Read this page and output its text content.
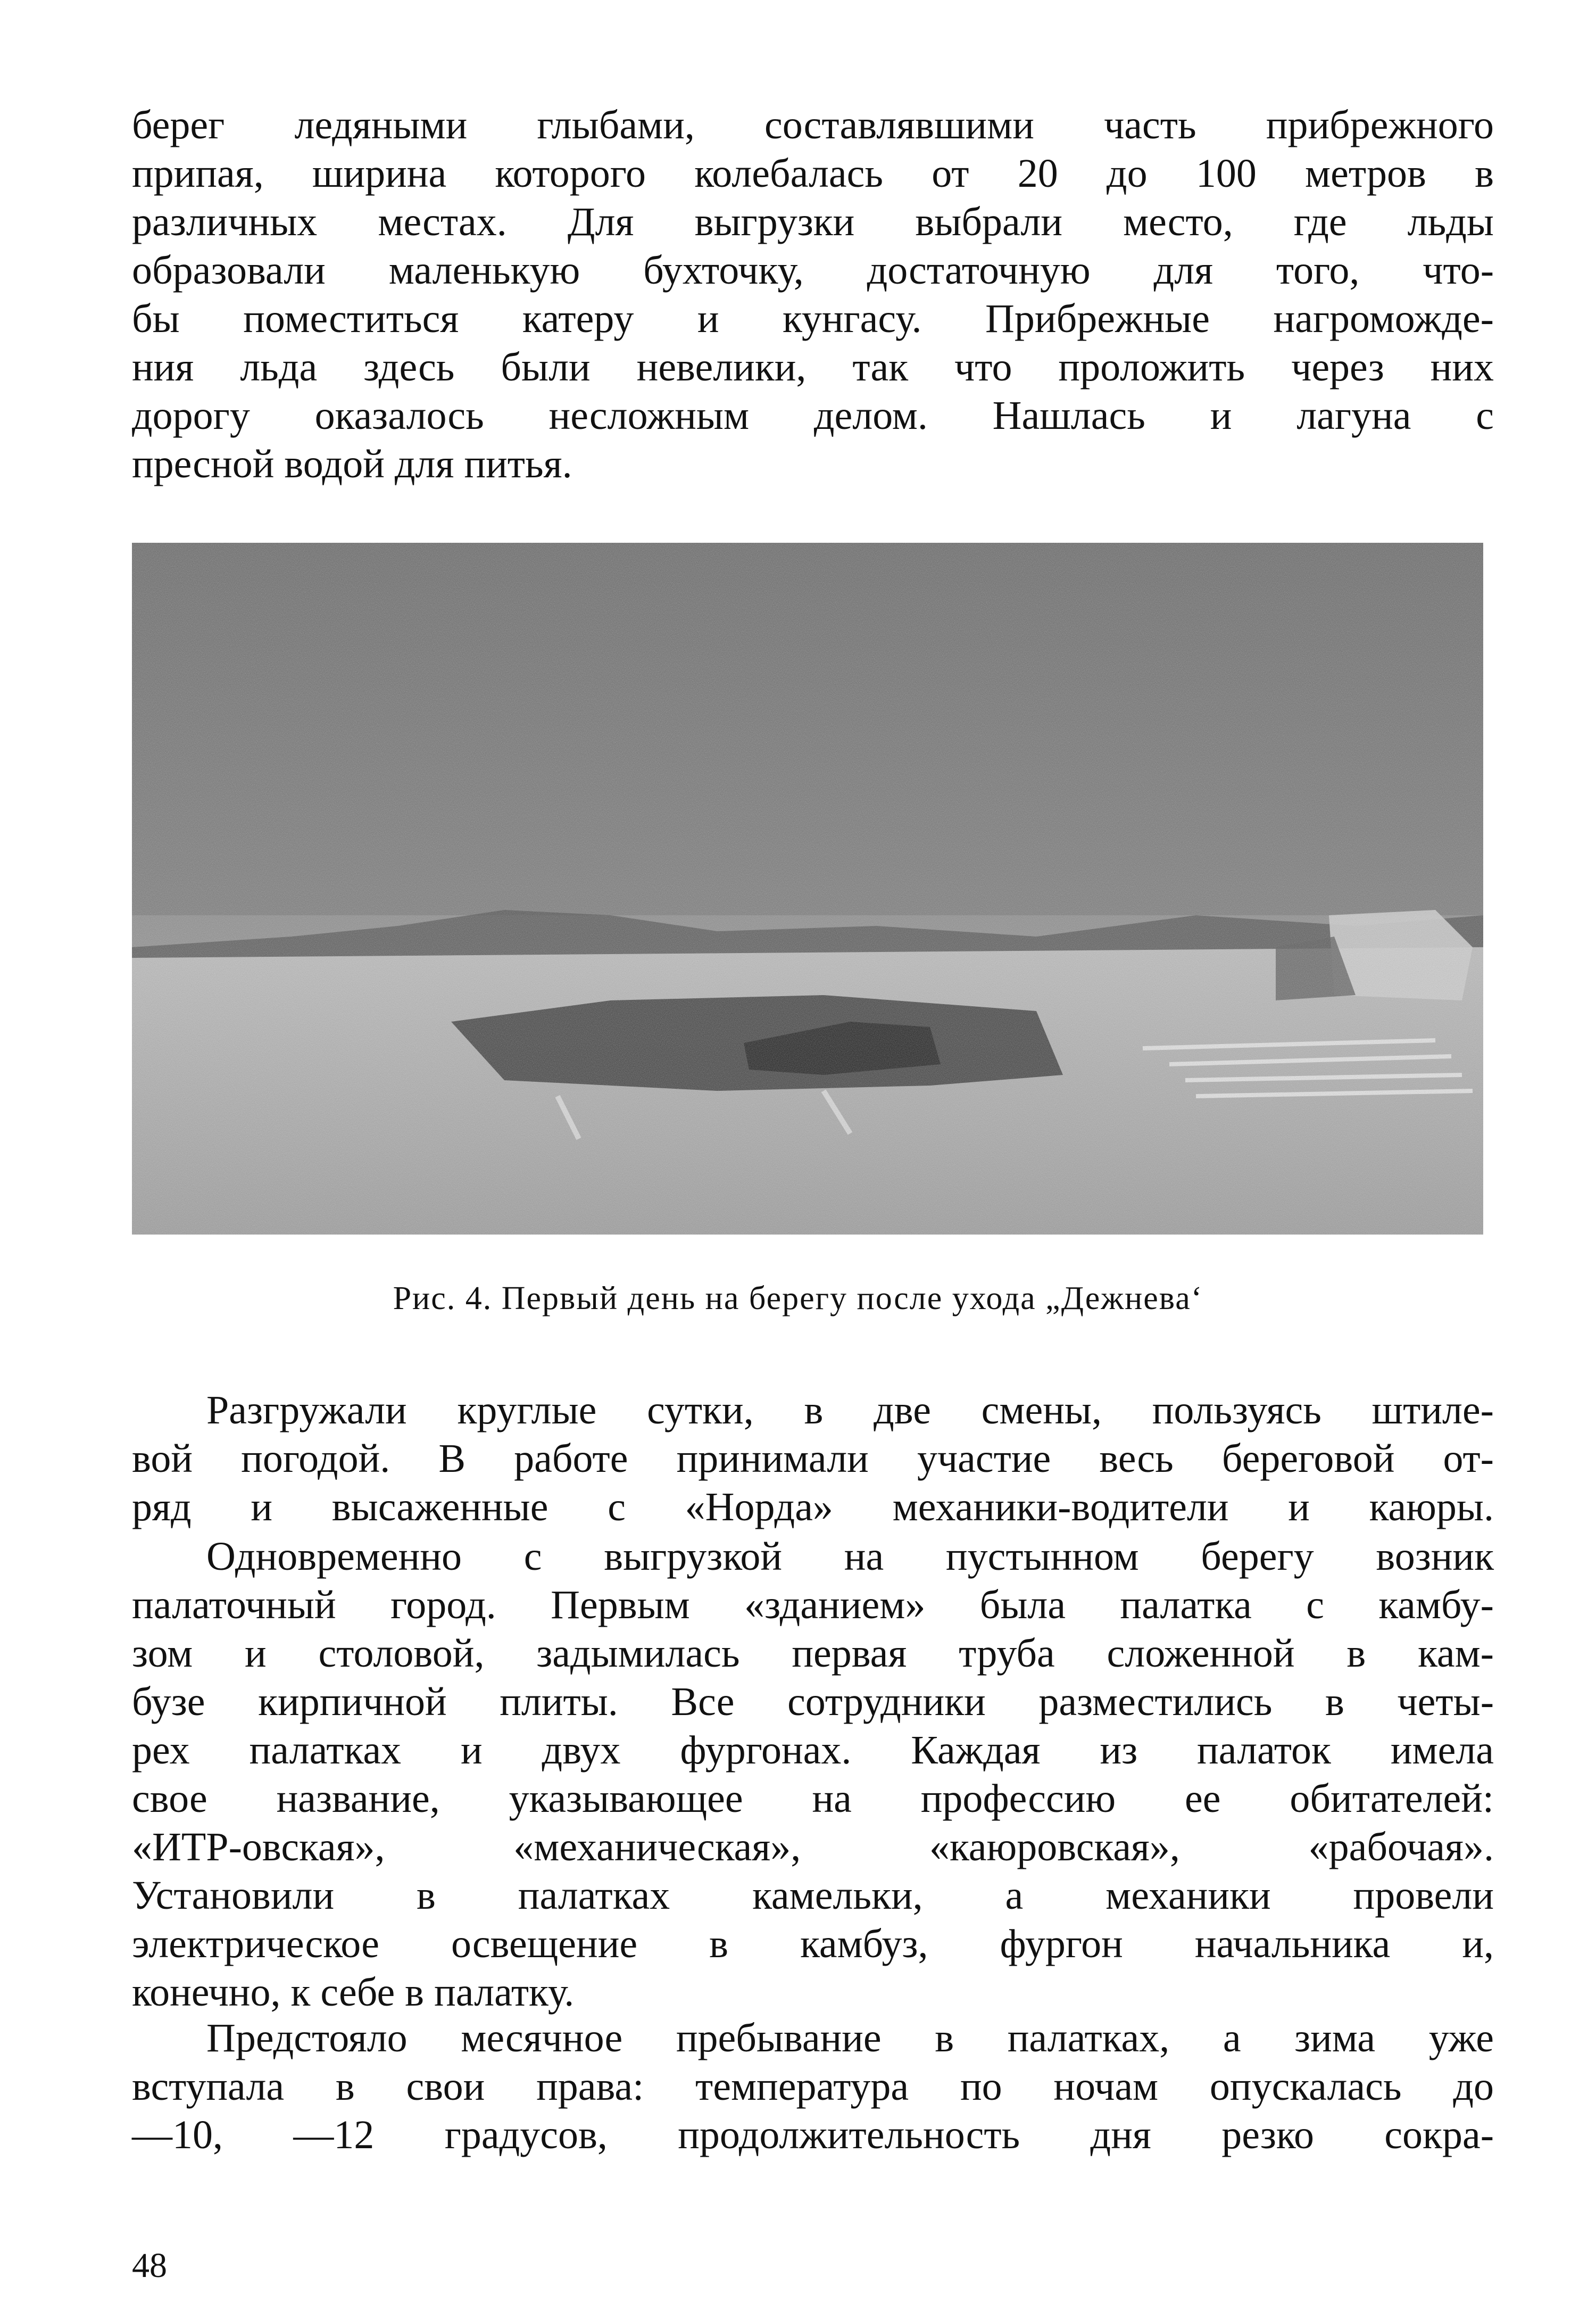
берег ледяными глыбами, составлявшими часть прибрежного
припая, ширина которого колебалась от 20 до 100 метров в
различных местах. Для выгрузки выбрали место, где льды
образовали маленькую бухточку, достаточную для того, что-
бы поместиться катеру и кунгасу. Прибрежные нагроможде-
ния льда здесь были невелики, так что проложить через них
дорогу оказалось несложным делом. Нашлась и лагуна с
пресной водой для питья.
Рис. 4. Первый день на берегу после ухода „Дежнева‘
Разгружали круглые сутки, в две смены, пользуясь штиле-
вой погодой. В работе принимали участие весь береговой от-
ряд и высаженные с «Норда» механики-водители и каюры.
Одновременно с выгрузкой на пустынном берегу возник
палаточный город. Первым «зданием» была палатка с камбу-
зом и столовой, задымилась первая труба сложенной в кам-
бузе кирпичной плиты. Все сотрудники разместились в четы-
рех палатках и двух фургонах. Каждая из палаток имела
свое название, указывающее на профессию ее обитателей:
«ИТР-овская», «механическая», «каюровская», «рабочая».
Установили в палатках камельки, а механики провели
электрическое освещение в камбуз, фургон начальника и,
конечно, к себе в палатку.
Предстояло месячное пребывание в палатках, а зима уже
вступала в свои права: температура по ночам опускалась до
—10, —12 градусов, продолжительность дня резко сокра-
48
